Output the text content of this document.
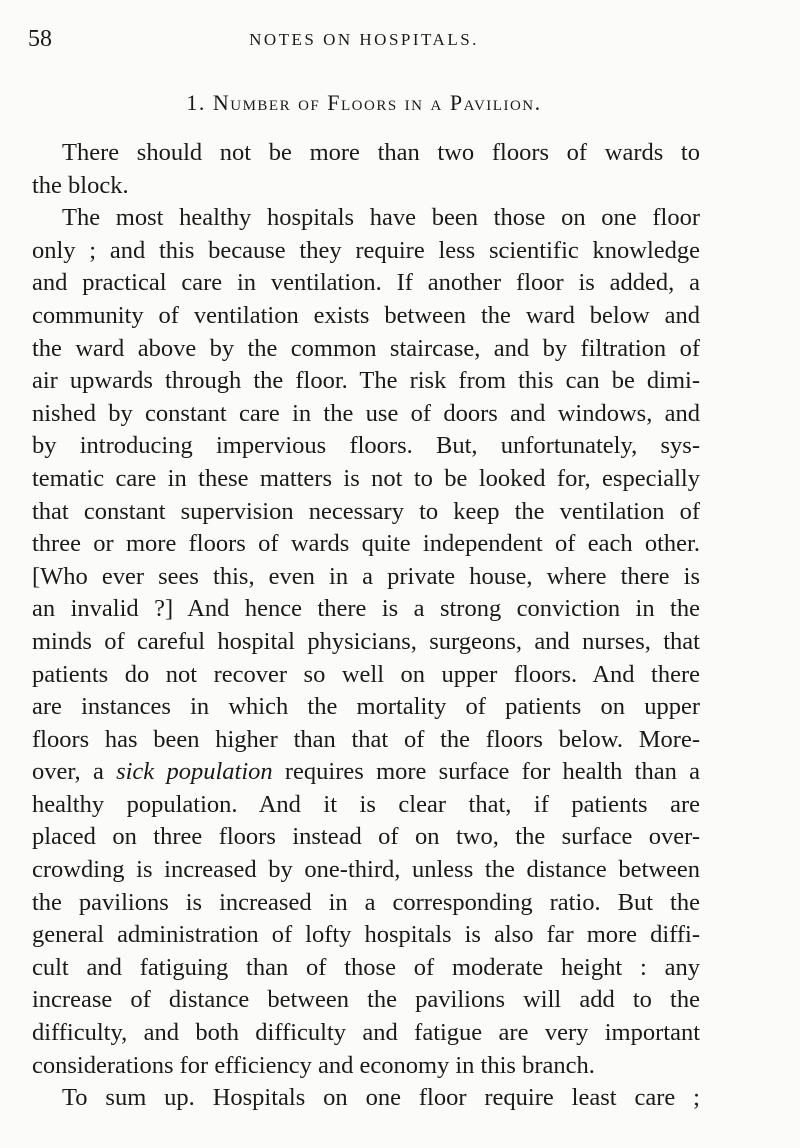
58	NOTES ON HOSPITALS.
1. Number of Floors in a Pavilion.
There should not be more than two floors of wards to
the block.
The most healthy hospitals have been those on one floor
only ; and this because they require less scientific knowledge
and practical care in ventilation. If another floor is added, a
community of ventilation exists between the ward below and
the ward above by the common staircase, and by filtration of
air upwards through the floor. The risk from this can be dimi-
nished by constant care in the use of doors and windows, and
by introducing impervious floors. But, unfortunately, sys-
tematic care in these matters is not to be looked for, especially
that constant supervision necessary to keep the ventilation of
three or more floors of wards quite independent of each other.
[Who ever sees this, even in a private house, where there is
an invalid ?] And hence there is a strong conviction in the
minds of careful hospital physicians, surgeons, and nurses, that
patients do not recover so well on upper floors. And there
are instances in which the mortality of patients on upper
floors has been higher than that of the floors below. More-
over, a sick population requires more surface for health than a
healthy population. And it is clear that, if patients are
placed on three floors instead of on two, the surface over-
crowding is increased by one-third, unless the distance between
the pavilions is increased in a corresponding ratio. But the
general administration of lofty hospitals is also far more diffi-
cult and fatiguing than of those of moderate height : any
increase of distance between the pavilions will add to the
difficulty, and both difficulty and fatigue are very important
considerations for efficiency and economy in this branch.
To sum up. Hospitals on one floor require least care ;
